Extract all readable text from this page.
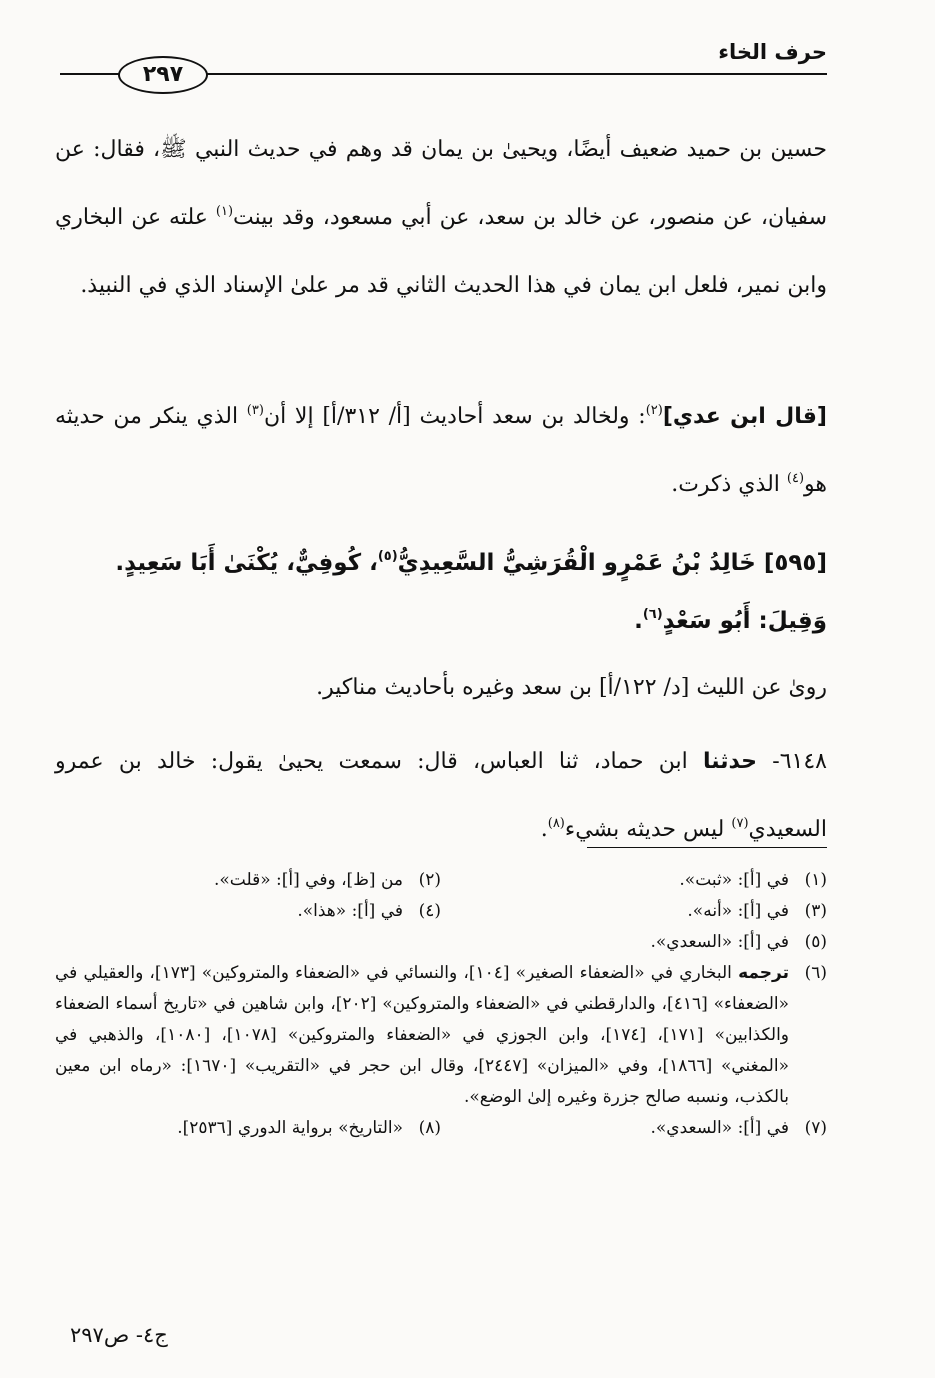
حرف الخاء
٢٩٧
حسين بن حميد ضعيف أيضًا، ويحيىٰ بن يمان قد وهم في حديث النبي ﷺ، فقال: عن سفيان، عن منصور، عن خالد بن سعد، عن أبي مسعود، وقد بينت$^{(١)}$ علته عن البخاري وابن نمير، فلعل ابن يمان في هذا الحديث الثاني قد مر علىٰ الإسناد الذي في النبيذ.
[قال ابن عدي]$^{(٢)}$: ولخالد بن سعد أحاديث [أ/ ٣١٢/أ] إلا أن$^{(٣)}$ الذي ينكر من حديثه هو$^{(٤)}$ الذي ذكرت.
[٥٩٥] خَالِدُ بْنُ عَمْرٍو الْقُرَشِيُّ السَّعِيدِيُّ$^{(٥)}$، كُوفِيٌّ، يُكْنَىٰ أَبَا سَعِيدٍ. وَقِيلَ: أَبُو سَعْدٍ$^{(٦)}$.
روىٰ عن الليث [د/ ١٢٢/أ] بن سعد وغيره بأحاديث مناكير.
٦١٤٨- حدثنا ابن حماد، ثنا العباس، قال: سمعت يحيىٰ يقول: خالد بن عمرو السعيدي$^{(٧)}$ ليس حديثه بشيء$^{(٨)}$.
(١)في [أ]: «ثبت».
(٢)من [ظ]، وفي [أ]: «قلت».
(٣)في [أ]: «أنه».
(٤)في [أ]: «هذا».
(٥)في [أ]: «السعدي».
(٦)
ترجمه البخاري في «الضعفاء الصغير» [١٠٤]، والنسائي في «الضعفاء والمتروكين» [١٧٣]، والعقيلي في «الضعفاء» [٤١٦]، والدارقطني في «الضعفاء والمتروكين» [٢٠٢]، وابن شاهين في «تاريخ أسماء الضعفاء والكذابين» [١٧١]، [١٧٤]، وابن الجوزي في «الضعفاء والمتروكين» [١٠٧٨]، [١٠٨٠]، والذهبي في «المغني» [١٨٦٦]، وفي «الميزان» [٢٤٤٧]، وقال ابن حجر في «التقريب» [١٦٧٠]: «رماه ابن معين بالكذب، ونسبه صالح جزرة وغيره إلىٰ الوضع».
(٧)في [أ]: «السعدي».
(٨)«التاريخ» برواية الدوري [٢٥٣٦].
ج٤- ص٢٩٧
